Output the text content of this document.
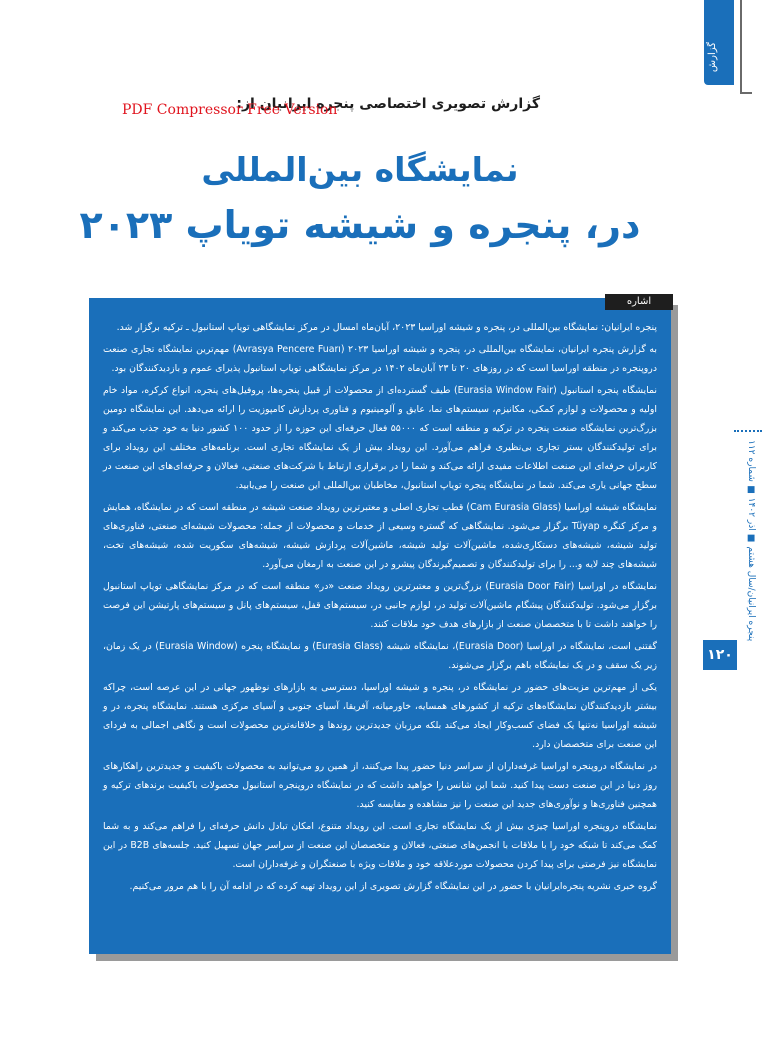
گزارش
پنجره ایرانیان/سال هشتم ■ آذر ۱۴۰۲ ■ شماره ۱۱۲
۱۲۰
گزارش تصویری اختصاصی پنجره ایرانیان از:
PDF Compressor Free Version
نمایشگاه بین‌المللی
در، پنجره و شیشه تویاپ ۲۰۲۳

پنجره ایرانیان: نمایشگاه بین‌المللی در، پنجره و شیشه اوراسیا ۲۰۲۳، آبان‌ماه امسال در مرکز نمایشگاهی تویاپ استانبول ـ ترکیه برگزار شد.

به گزارش پنجره ایرانیان، نمایشگاه بین‌المللی در، پنجره و شیشه اوراسیا ۲۰۲۳ (Avrasya Pencere Fuarı) مهم‌ترین نمایشگاه تجاری صنعت درو‌پنجره در منطقه اوراسیا است که در روزهای ۲۰ تا ۲۳ آبان‌ماه ۱۴۰۲ در مرکز نمایشگاهی تویاپ استانبول پذیرای عموم و بازدیدکنندگان بود.

نمایشگاه پنجره استانبول (Eurasia Window Fair) طیف گسترده‌ای از محصولات از قبیل پنجره‌ها، پروفیل‌های پنجره، انواع کرکره، مواد خام اولیه و محصولات و لوازم کمکی، مکانیزم، سیستم‌های نما، عایق و آلومینیوم و فناوری پردازش کامپوزیت را ارائه می‌دهد. این نمایشگاه دومین بزرگ‌ترین نمایشگاه صنعت پنجره در ترکیه و منطقه است که ۵۵۰۰۰ فعال حرفه‌ای این حوزه را از حدود ۱۰۰ کشور دنیا به خود جذب می‌کند و برای تولیدکنندگان بستر تجاری بی‌نظیری فراهم می‌آورد. این رویداد بیش از یک نمایشگاه تجاری است. برنامه‌های مختلف این رویداد برای کاربران حرفه‌ای این صنعت اطلاعات مفیدی ارائه می‌کند و شما را در برقراری ارتباط با شرکت‌های صنعتی، فعالان و حرفه‌ای‌های این صنعت در سطح جهانی یاری می‌کند. شما در نمایشگاه پنجره تویاپ استانبول، مخاطبان بین‌المللی این صنعت را می‌یابید.

نمایشگاه شیشه اوراسیا (Cam Eurasia Glass) قطب تجاری اصلی و معتبرترین رویداد صنعت شیشه در منطقه است که در نمایشگاه، همایش و مرکز کنگره Tüyap برگزار می‌شود. نمایشگاهی که گستره وسیعی از خدمات و محصولات از جمله: محصولات شیشه‌ای صنعتی، فناوری‌های تولید شیشه، شیشه‌های دستکاری‌شده، ماشین‌آلات تولید شیشه، ماشین‌آلات پردازش شیشه، شیشه‌های سکوریت شده، شیشه‌های تخت، شیشه‌های چند لایه و... را برای تولیدکنندگان و تصمیم‌گیرندگان پیشرو در این صنعت به ارمغان می‌آورد.

نمایشگاه در اوراسیا (Eurasia Door Fair) بزرگ‌ترین و معتبرترین رویداد صنعت «در» منطقه است که در مرکز نمایشگاهی تویاپ استانبول برگزار می‌شود. تولیدکنندگان پیشگام ماشین‌آلات تولید در، لوازم جانبی در، سیستم‌های قفل، سیستم‌های پانل و سیستم‌های پارتیشن این فرصت را خواهند داشت تا با متخصصان صنعت از بازارهای هدف خود ملاقات کنند.

گفتنی است، نمایشگاه در اوراسیا (Eurasia Door)، نمایشگاه شیشه (Eurasia Glass) و نمایشگاه پنجره (Eurasia Window) در یک زمان، زیر یک سقف و در یک نمایشگاه باهم برگزار می‌شوند.

یکی از مهم‌ترین مزیت‌های حضور در نمایشگاه در، پنجره و شیشه اوراسیا، دسترسی به بازارهای نوظهور جهانی در این عرصه است، چراکه بیشتر بازدیدکنندگان نمایشگاه‌های ترکیه از کشورهای همسایه، خاورمیانه، آفریقا، آسیای جنوبی و آسیای مرکزی هستند. نمایشگاه پنجره، در و شیشه اوراسیا نه‌تنها یک فضای کسب‌وکار ایجاد می‌کند بلکه مرزبان جدیدترین روندها و خلاقانه‌ترین محصولات است و نگاهی اجمالی به فردای این صنعت برای متخصصان دارد.

در نمایشگاه درو‌پنجره اوراسیا غرفه‌داران از سراسر دنیا حضور پیدا می‌کنند، از همین رو می‌توانید به محصولات باکیفیت و جدیدترین راهکارهای روز دنیا در این صنعت دست پیدا کنید. شما این شانس را خواهید داشت که در نمایشگاه درو‌پنجره استانبول محصولات باکیفیت برندهای ترکیه و همچنین فناوری‌ها و نوآوری‌های جدید این صنعت را نیز مشاهده و مقایسه کنید.

نمایشگاه درو‌پنجره اوراسیا چیزی بیش از یک نمایشگاه تجاری است. این رویداد متنوع، امکان تبادل دانش حرفه‌ای را فراهم می‌کند و به شما کمک می‌کند تا شبکه خود را با ملاقات با انجمن‌های صنعتی، فعالان و متخصصان این صنعت از سراسر جهان تسهیل کنید. جلسه‌های B2B در این نمایشگاه نیز فرصتی برای پیدا کردن محصولات موردعلاقه خود و ملاقات ویژه با صنعتگران و غرفه‌داران است.

گروه خبری نشریه پنجره‌ایرانیان با حضور در این نمایشگاه گزارش تصویری از این رویداد تهیه کرده که در ادامه آن را با هم مرور می‌کنیم.

اشاره
